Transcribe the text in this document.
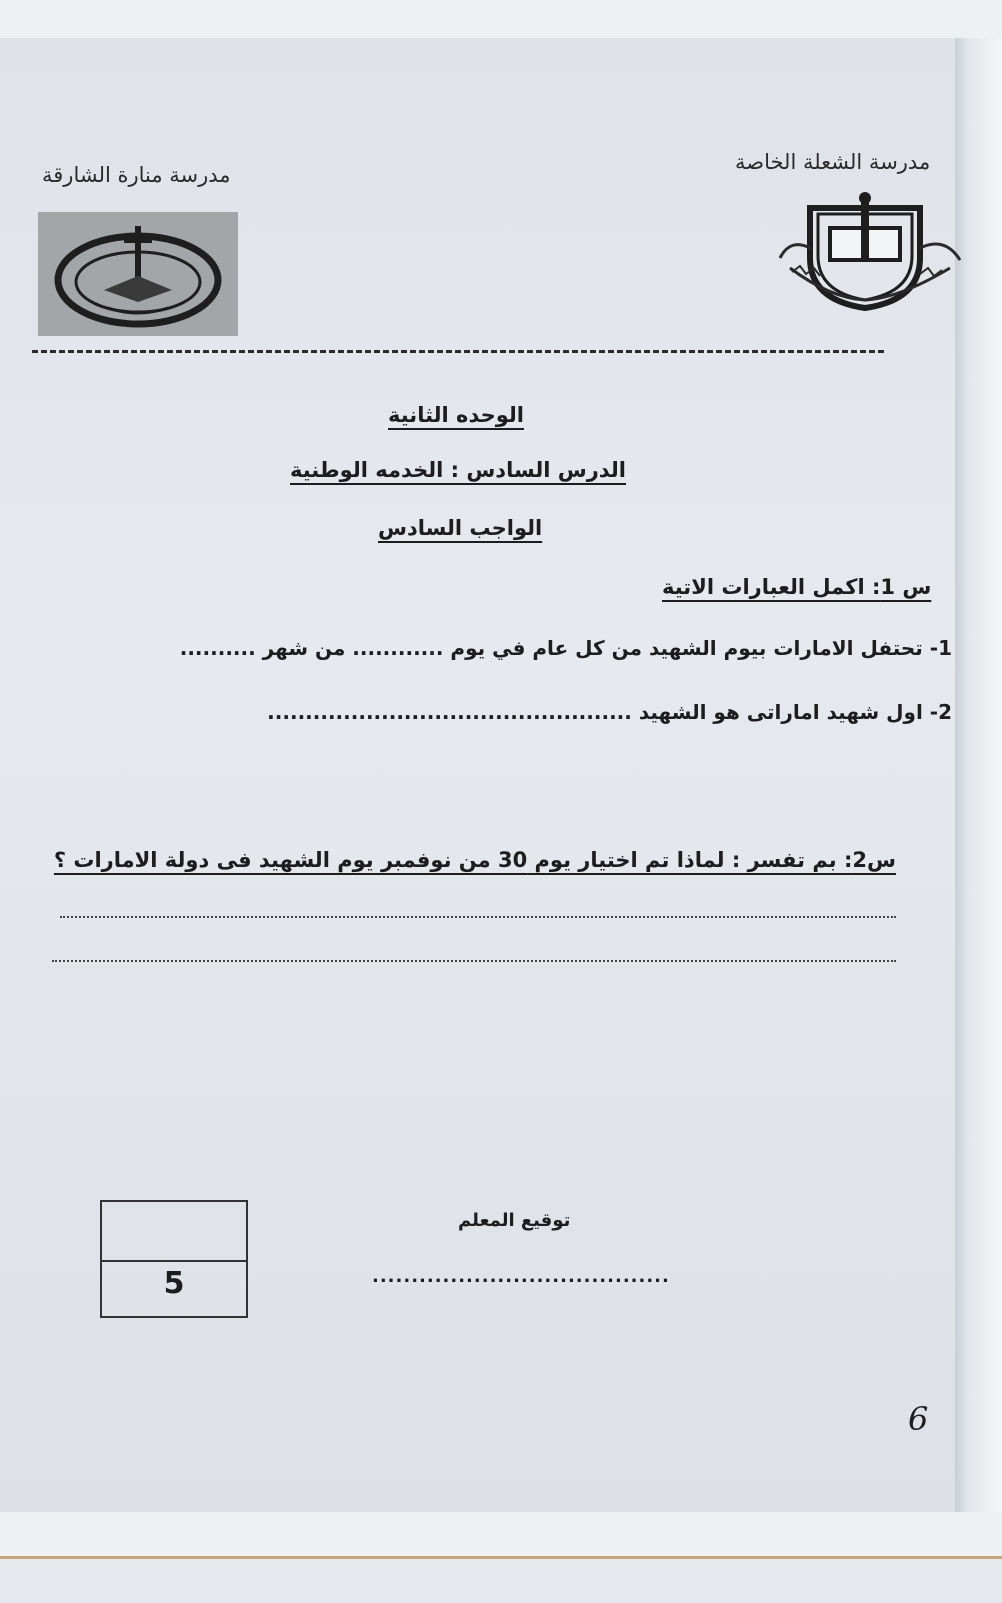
مدرسة منارة الشارقة
مدرسة الشعلة الخاصة
الوحده الثانية
الدرس السادس : الخدمه الوطنية
الواجب السادس
س 1: اكمل العبارات الاتية
1- تحتفل الامارات بيوم الشهيد من كل عام في يوم ............ من شهر ..........
2- اول شهيد اماراتى هو الشهيد ................................................
س2: بم تفسر : لماذا تم اختيار يوم 30 من نوفمبر يوم الشهيد فى دولة الامارات ؟
توقيع المعلم
......................................
5
6
